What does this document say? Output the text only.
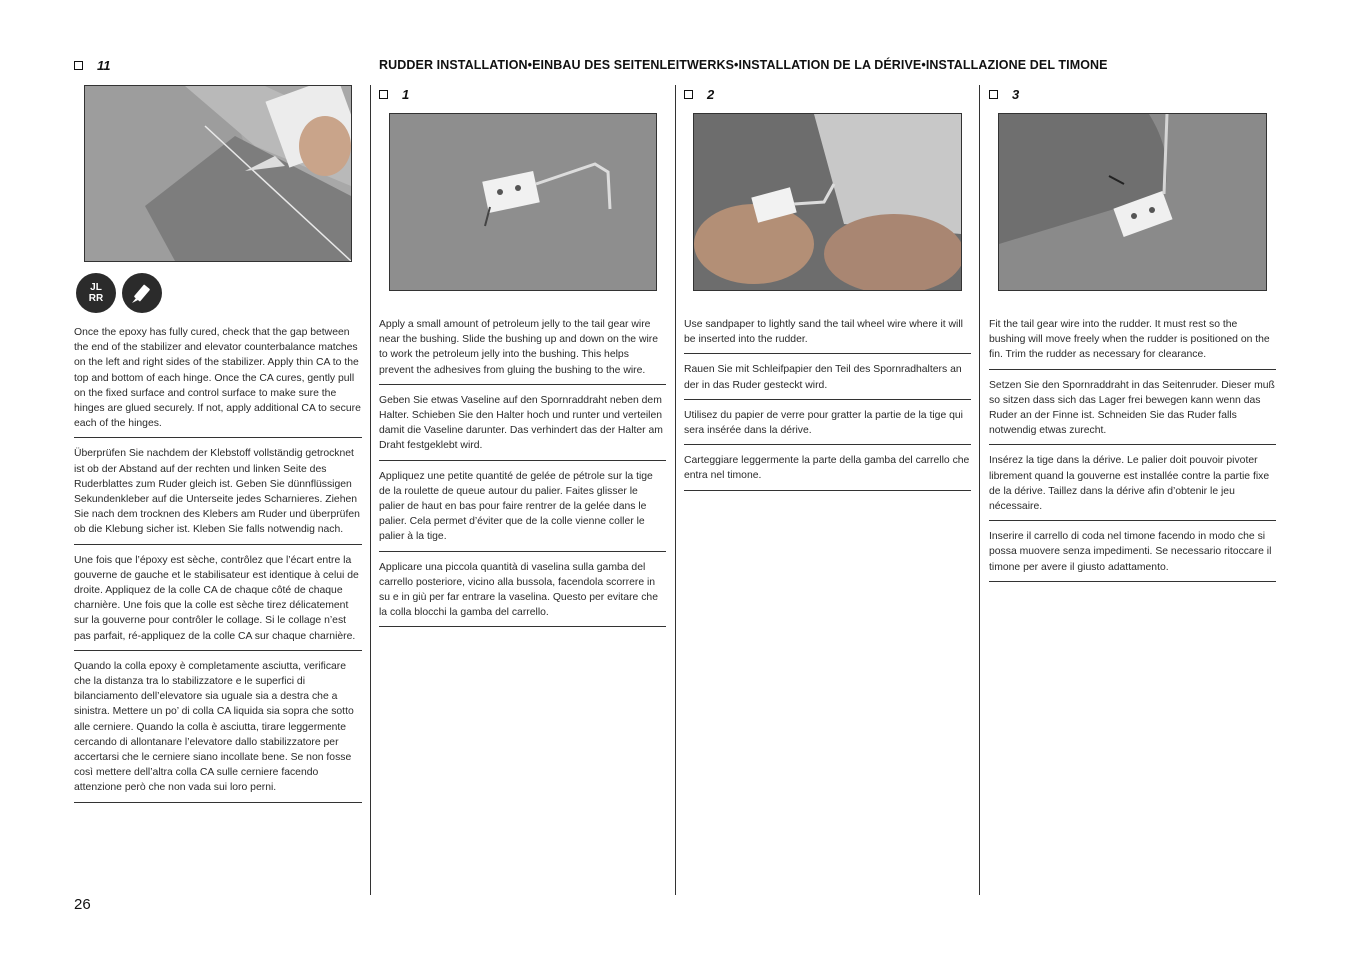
11
JL RR
Once the epoxy has fully cured, check that the gap between the end of the stabilizer and elevator counterbalance matches on the left and right sides of the stabilizer. Apply thin CA to the top and bottom of each hinge. Once the CA cures, gently pull on the fixed surface and control surface to make sure the hinges are glued securely. If not, apply additional CA to secure each of the hinges.
Überprüfen Sie nachdem der Klebstoff vollständig getrocknet ist ob der Abstand auf der rechten und linken Seite des Ruderblattes zum Ruder gleich ist. Geben Sie dünnflüssigen Sekundenkleber auf die Unterseite jedes Scharnieres. Ziehen Sie nach dem trocknen des Klebers am Ruder und überprüfen ob die Klebung sicher ist. Kleben Sie falls notwendig nach.
Une fois que l’époxy est sèche, contrôlez que l’écart entre la gouverne de gauche et le stabilisateur est identique à celui de droite. Appliquez de la colle CA de chaque côté de chaque charnière. Une fois que la colle est sèche tirez délicatement sur la gouverne pour contrôler le collage. Si le collage n’est pas parfait, ré-appliquez de la colle CA sur chaque charnière.
Quando la colla epoxy è completamente asciutta, verificare che la distanza tra lo stabilizzatore e le superfici di bilanciamento dell’elevatore sia uguale sia a destra che a sinistra. Mettere un po’ di colla CA liquida sia sopra che sotto alle cerniere. Quando la colla è asciutta, tirare leggermente cercando di allontanare l’elevatore dallo stabilizzatore per accertarsi che le cerniere siano incollate bene. Se non fosse così mettere dell’altra colla CA sulle cerniere facendo attenzione però che non vada sui loro perni.
RUDDER INSTALLATION•EINBAU DES SEITENLEITWERKS•INSTALLATION DE LA DÉRIVE•INSTALLAZIONE DEL TIMONE
1
Apply a small amount of petroleum jelly to the tail gear wire near the bushing. Slide the bushing up and down on the wire to work the petroleum jelly into the bushing. This helps prevent the adhesives from gluing the bushing to the wire.
Geben Sie etwas Vaseline auf den Spornraddraht neben dem Halter. Schieben Sie den Halter hoch und runter und verteilen damit die Vaseline darunter. Das verhindert das der Halter am Draht festgeklebt wird.
Appliquez une petite quantité de gelée de pétrole sur la tige de la roulette de queue autour du palier. Faites glisser le palier de haut en bas pour faire rentrer de la gelée dans le palier. Cela permet d’éviter que de la colle vienne coller le palier à la tige.
Applicare una piccola quantità di vaselina sulla gamba del carrello posteriore, vicino alla bussola, facendola scorrere in su e in giù per far entrare la vaselina. Questo per evitare che la colla blocchi la gamba del carrello.
2
Use sandpaper to lightly sand the tail wheel wire where it will be inserted into the rudder.
Rauen Sie mit Schleifpapier den Teil des Spornradhalters an der in das Ruder gesteckt wird.
Utilisez du papier de verre pour gratter la partie de la tige qui sera insérée dans la dérive.
Carteggiare leggermente la parte della gamba del carrello che entra nel timone.
3
Fit the tail gear wire into the rudder. It must rest so the bushing will move freely when the rudder is positioned on the fin. Trim the rudder as necessary for clearance.
Setzen Sie den Spornraddraht in das Seitenruder. Dieser muß so sitzen dass sich das Lager frei bewegen kann wenn das Ruder an der Finne ist. Schneiden Sie das Ruder falls notwendig etwas zurecht.
Insérez la tige dans la dérive. Le palier doit pouvoir pivoter librement quand la gouverne est installée contre la partie fixe de la dérive. Taillez dans la dérive afin d’obtenir le jeu nécessaire.
Inserire il carrello di coda nel timone facendo in modo che si possa muovere senza impedimenti. Se necessario ritoccare il timone per avere il giusto adattamento.
26
